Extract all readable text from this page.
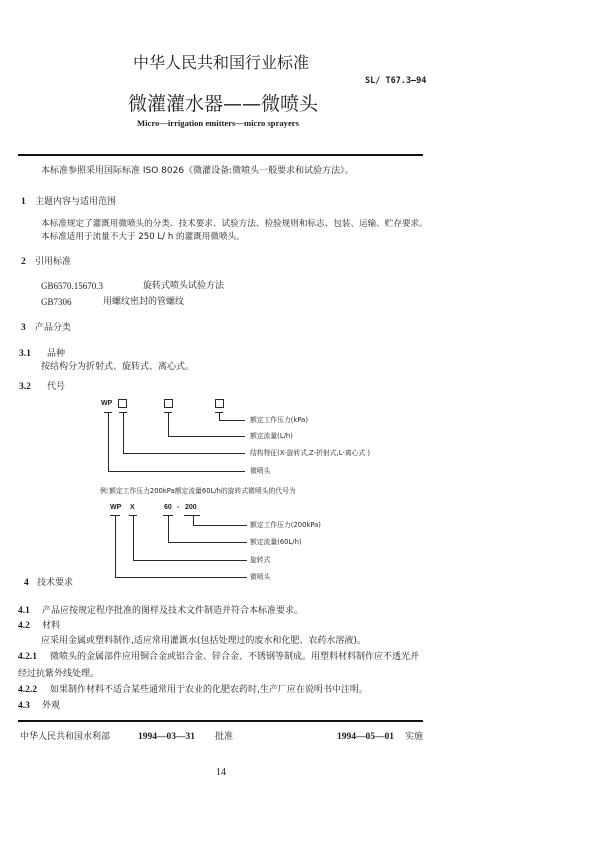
中华人民共和国行业标准
SL/ T67.3—94
微灌灌水器——微喷头
Micro—irrigation emitters—micro sprayers
本标准参照采用国际标准 ISO 8026《微灌设备:微喷头一般要求和试验方法》。
1 主题内容与适用范围
本标准规定了灌溉用微喷头的分类、技术要求、试验方法、检验规则和标志、包装、运输、贮存要求。
本标准适用于流量不大于 250 L/ h 的灌溉用微喷头。
2 引用标准
GB6570.15670.3	旋转式喷头试验方法
GB7306	用螺纹密封的管螺纹
3 产品分类
3.1 品种
按结构分为折射式、旋转式、离心式。
3.2 代号
WP
额定工作压力(kPa)
额定流量(L/h)
结构特征(X-旋转式,Z-折射式,L-离心式 )
微喷头
例:额定工作压力200kPa额定流量60L/h的旋转式微喷头的代号为
WP X	60 - 200
额定工作压力(200kPa)
额定流量(60L/h)
旋转式
微喷头
4 技术要求
4.1 产品应按规定程序批准的图样及技术文件制造并符合本标准要求。
4.2 材料
应采用金属或塑料制作,适应常用灌溉水(包括处理过的废水和化肥、农药水溶液)。
4.2.1 微喷头的金属部件应用铜合金或铝合金、锌合金、不锈钢等制成。用塑料材料制作应不透光并
经过抗紫外线处理。
4.2.2 如果制作材料不适合某些通常用于农业的化肥农药时,生产厂应在说明书中注明。
4.3 外观
中华人民共和国水利部	1994—03—31 批准	1994—05—01 实施
14
